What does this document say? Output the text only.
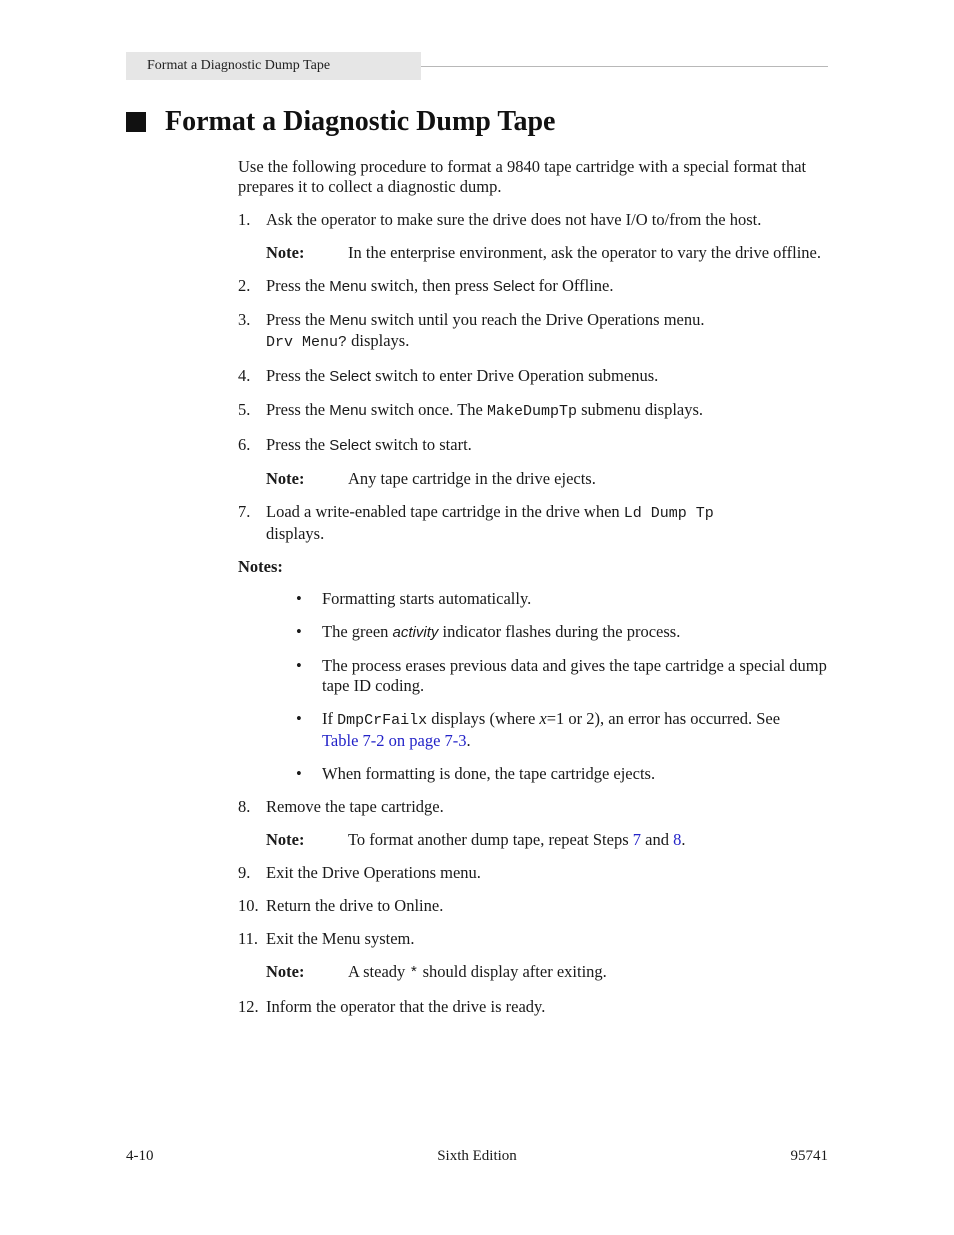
Format a Diagnostic Dump Tape
Format a Diagnostic Dump Tape

Use the following procedure to format a 9840 tape cartridge with a special format that prepares it to collect a diagnostic dump.

1. Ask the operator to make sure the drive does not have I/O to/from the host.
Note:	In the enterprise environment, ask the operator to vary the drive offline.
2. Press the Menu switch, then press Select for Offline.
3. Press the Menu switch until you reach the Drive Operations menu.
Drv Menu? displays.
4. Press the Select switch to enter Drive Operation submenus.
5. Press the Menu switch once. The MakeDumpTp submenu displays.
6. Press the Select switch to start.
Note:	Any tape cartridge in the drive ejects.
7. Load a write-enabled tape cartridge in the drive when Ld Dump Tp
displays.

Notes:

• Formatting starts automatically.
• The green activity indicator flashes during the process.
• The process erases previous data and gives the tape cartridge a special dump tape ID coding.
• If DmpCrFailx displays (where x=1 or 2), an error has occurred. See
Table 7-2 on page 7-3.
• When formatting is done, the tape cartridge ejects.
8. Remove the tape cartridge.
Note:	To format another dump tape, repeat Steps 7 and 8.
9. Exit the Drive Operations menu.
10. Return the drive to Online.
11. Exit the Menu system.
Note:	A steady * should display after exiting.
12. Inform the operator that the drive is ready.
4-10	Sixth Edition	95741
